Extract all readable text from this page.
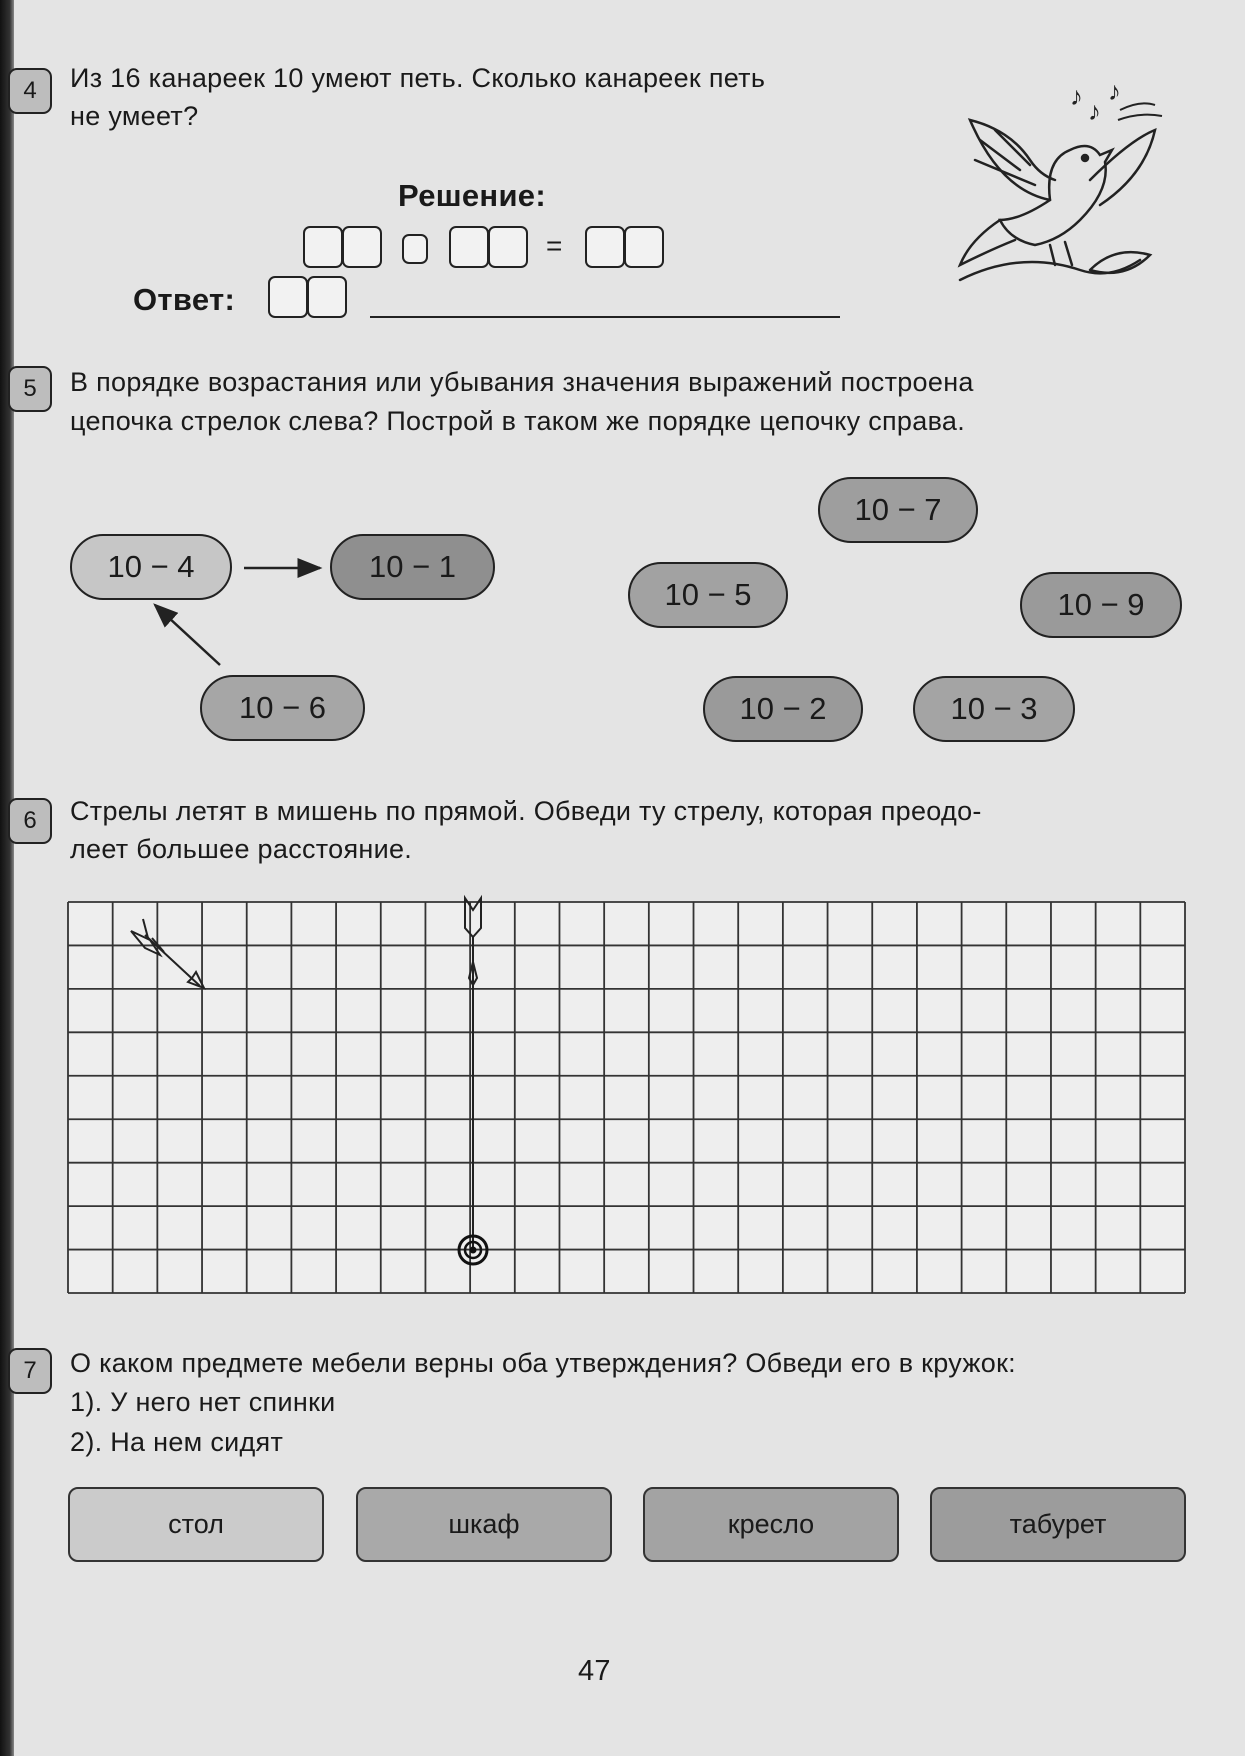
4	Из 16 канареек 10 умеют петь. Сколько канареек петь
не умеет?
Решение:
=
Ответ:
♪ ♪
♪
5	В порядке возрастания или убывания значения выражений построена
цепочка стрелок слева? Построй в таком же порядке цепочку справа.
10 − 4	10 − 1
10 − 6
10 − 7
10 − 5	10 − 9
10 − 2	10 − 3
6	Стрелы летят в мишень по прямой. Обведи ту стрелу, которая преодо-
леет большее расстояние.
7	О каком предмете мебели верны оба утверждения? Обведи его в кружок:
1). У него нет спинки
2). На нем сидят
стол	шкаф	кресло	табурет
47
